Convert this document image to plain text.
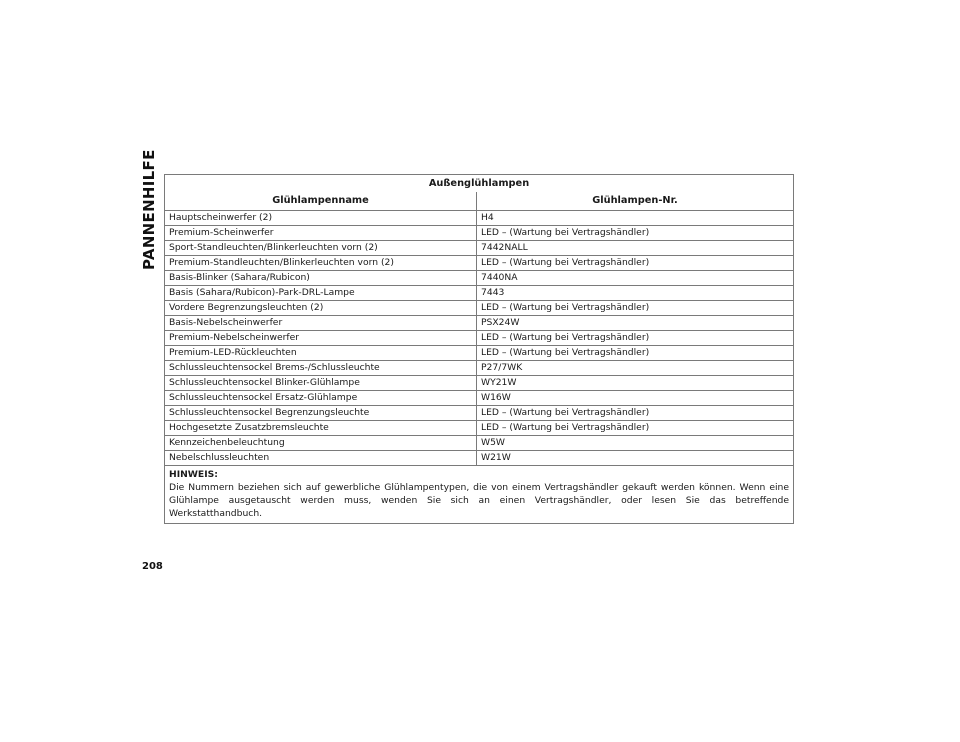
PANNENHILFE	Außenglühlampen	
Glühlampenname	Glühlampen-Nr.
Hauptscheinwerfer (2)	H4
Premium-Scheinwerfer	LED – (Wartung bei Vertragshändler)
Sport-Standleuchten/Blinkerleuchten vorn (2)	7442NALL
Premium-Standleuchten/Blinkerleuchten vorn (2)	LED – (Wartung bei Vertragshändler)
Basis-Blinker (Sahara/Rubicon)	7440NA
Basis (Sahara/Rubicon)-Park-DRL-Lampe	7443
Vordere Begrenzungsleuchten (2)	LED – (Wartung bei Vertragshändler)
Basis-Nebelscheinwerfer	PSX24W
Premium-Nebelscheinwerfer	LED – (Wartung bei Vertragshändler)
Premium-LED-Rückleuchten	LED – (Wartung bei Vertragshändler)
Schlussleuchtensockel Brems-/Schlussleuchte	P27/7WK
Schlussleuchtensockel Blinker-Glühlampe	WY21W
Schlussleuchtensockel Ersatz-Glühlampe	W16W
Schlussleuchtensockel Begrenzungsleuchte	LED – (Wartung bei Vertragshändler)
Hochgesetzte Zusatzbremsleuchte	LED – (Wartung bei Vertragshändler)
Kennzeichenbeleuchtung	W5W
Nebelschlussleuchten	W21W

HINWEIS:
Die Nummern beziehen sich auf gewerbliche Glühlampentypen, die von einem Vertragshändler gekauft werden können. Wenn eine Glühlampe ausgetauscht werden muss, wenden Sie sich an einen Vertragshändler, oder lesen Sie das betreffende Werkstatthandbuch.	
208
